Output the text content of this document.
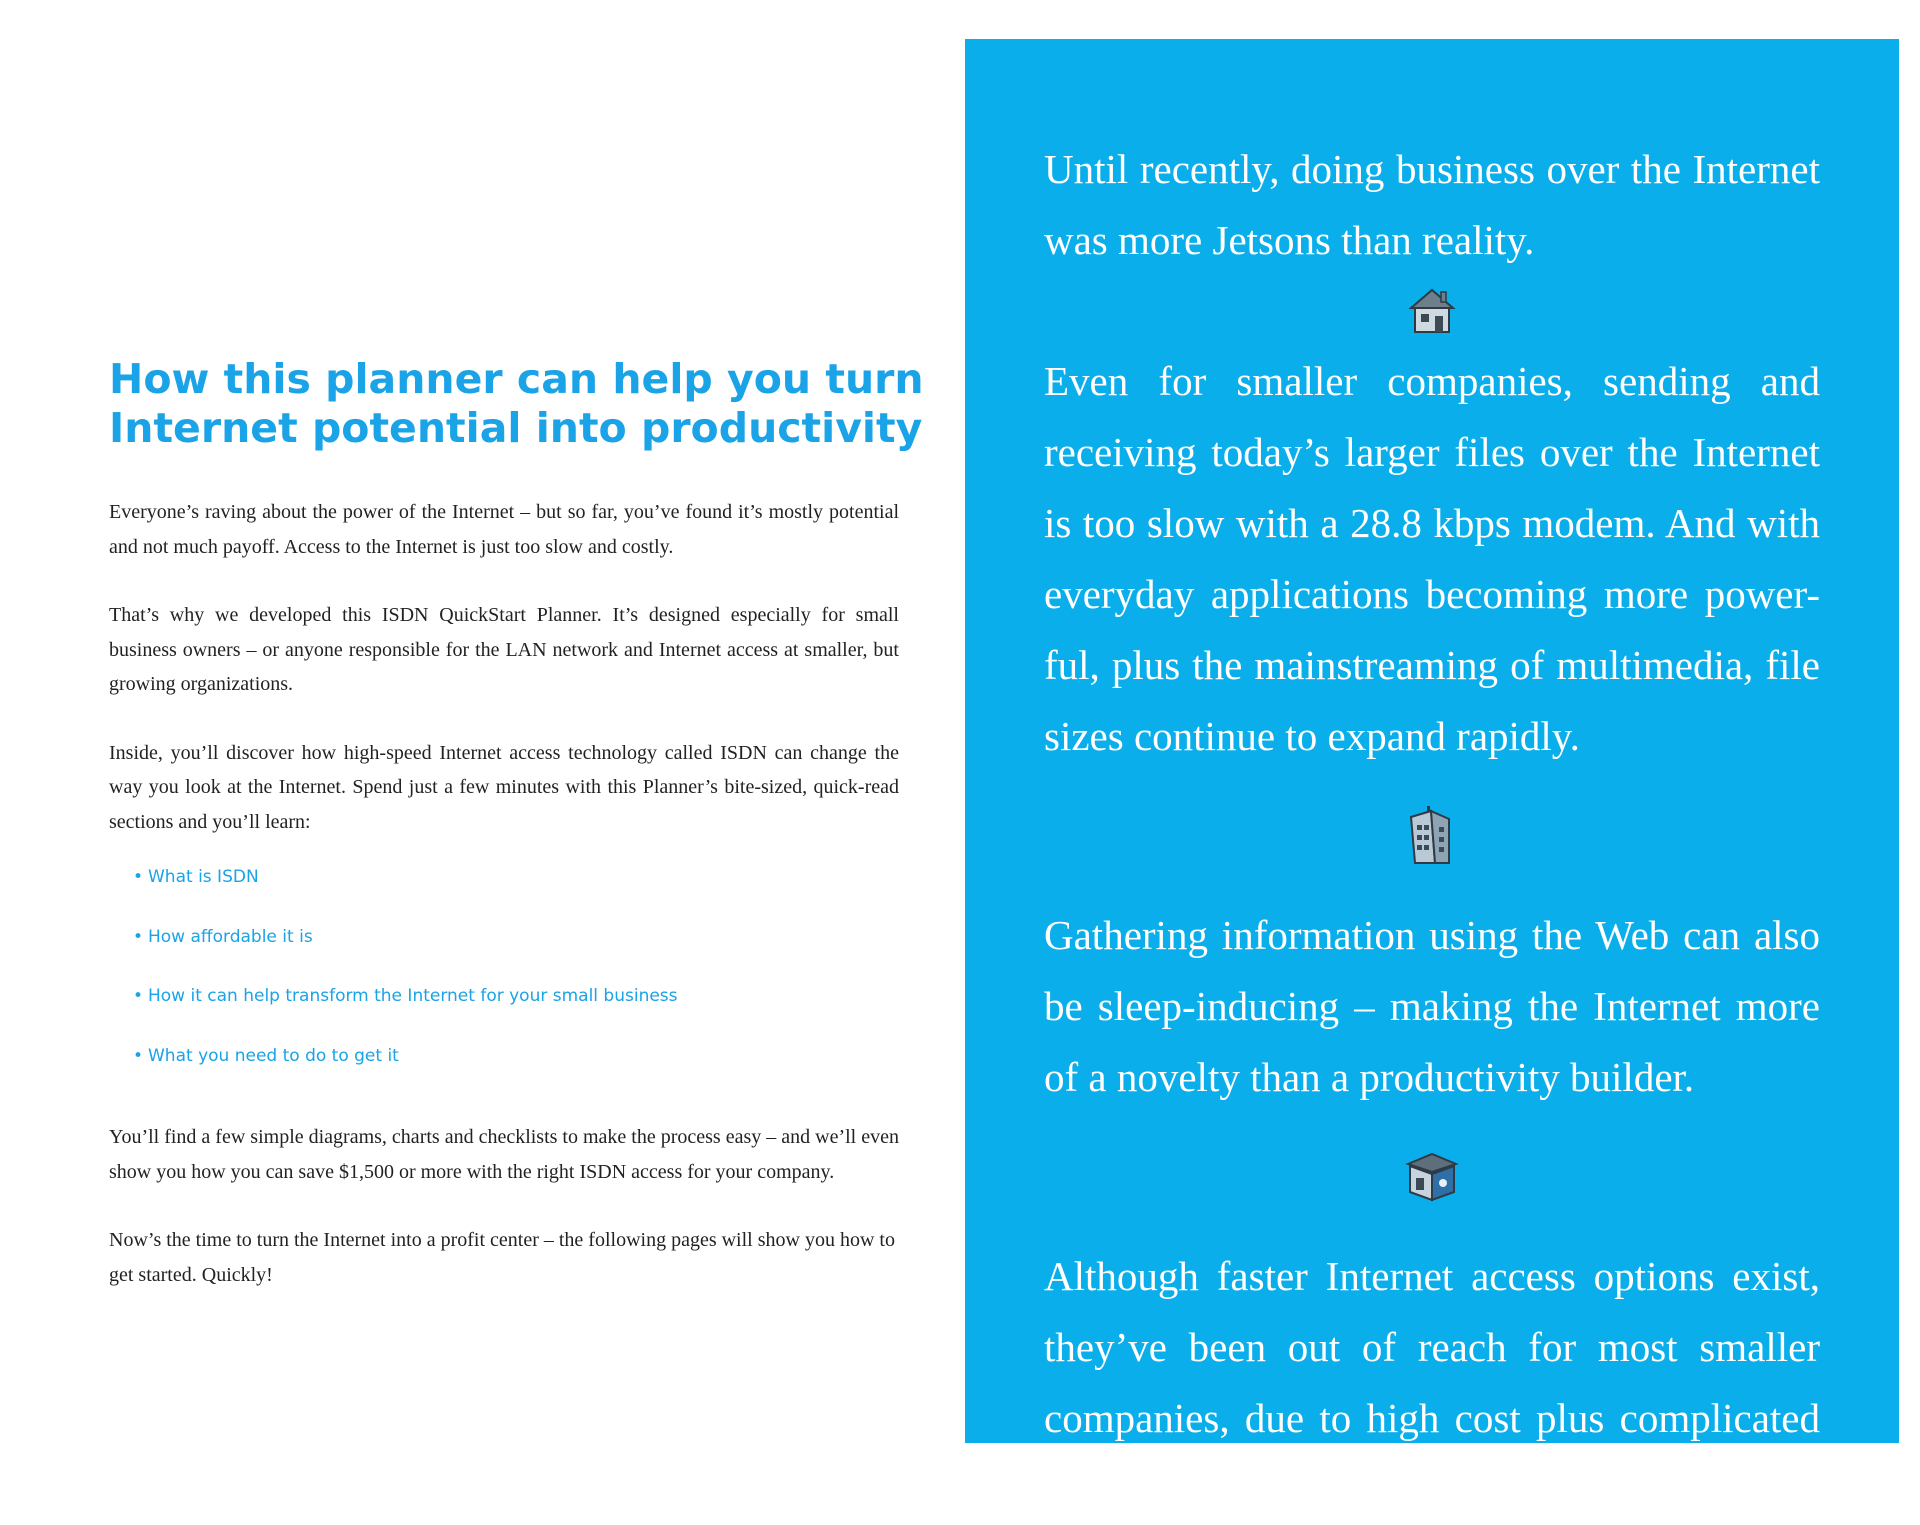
How this planner can help you turn
Internet potential into productivity

Everyone’s raving about the power of the Internet – but so far, you’ve found it’s mostly potential and not much payoff. Access to the Internet is just too slow and costly.

That’s why we developed this ISDN QuickStart Planner. It’s designed especially for small business owners – or anyone responsible for the LAN network and Internet access at smaller, but growing organizations.

Inside, you’ll discover how high-speed Internet access technology called ISDN can change the way you look at the Internet. Spend just a few minutes with this Planner’s bite-sized, quick-read sections and you’ll learn:

• What is ISDN
• How affordable it is
• How it can help transform the Internet for your small business
• What you need to do to get it

You’ll find a few simple diagrams, charts and checklists to make the process easy – and we’ll even show you how you can save $1,500 or more with the right ISDN access for your company.

Now’s the time to turn the Internet into a profit center – the following pages will show you how to get started. Quickly!

Until recently, doing business over the Internet was more Jetsons than reality.

Even for smaller companies, sending and receiving today’s larger files over the Internet is too slow with a 28.8 kbps modem. And with everyday applications becoming more power-ful, plus the mainstreaming of multimedia, file sizes continue to expand rapidly.

Gathering information using the Web can also be sleep-inducing – making the Internet more of a novelty than a productivity builder.

Although faster Internet access options exist, they’ve been out of reach for most smaller companies, due to high cost plus complicated setup and maintenance.
